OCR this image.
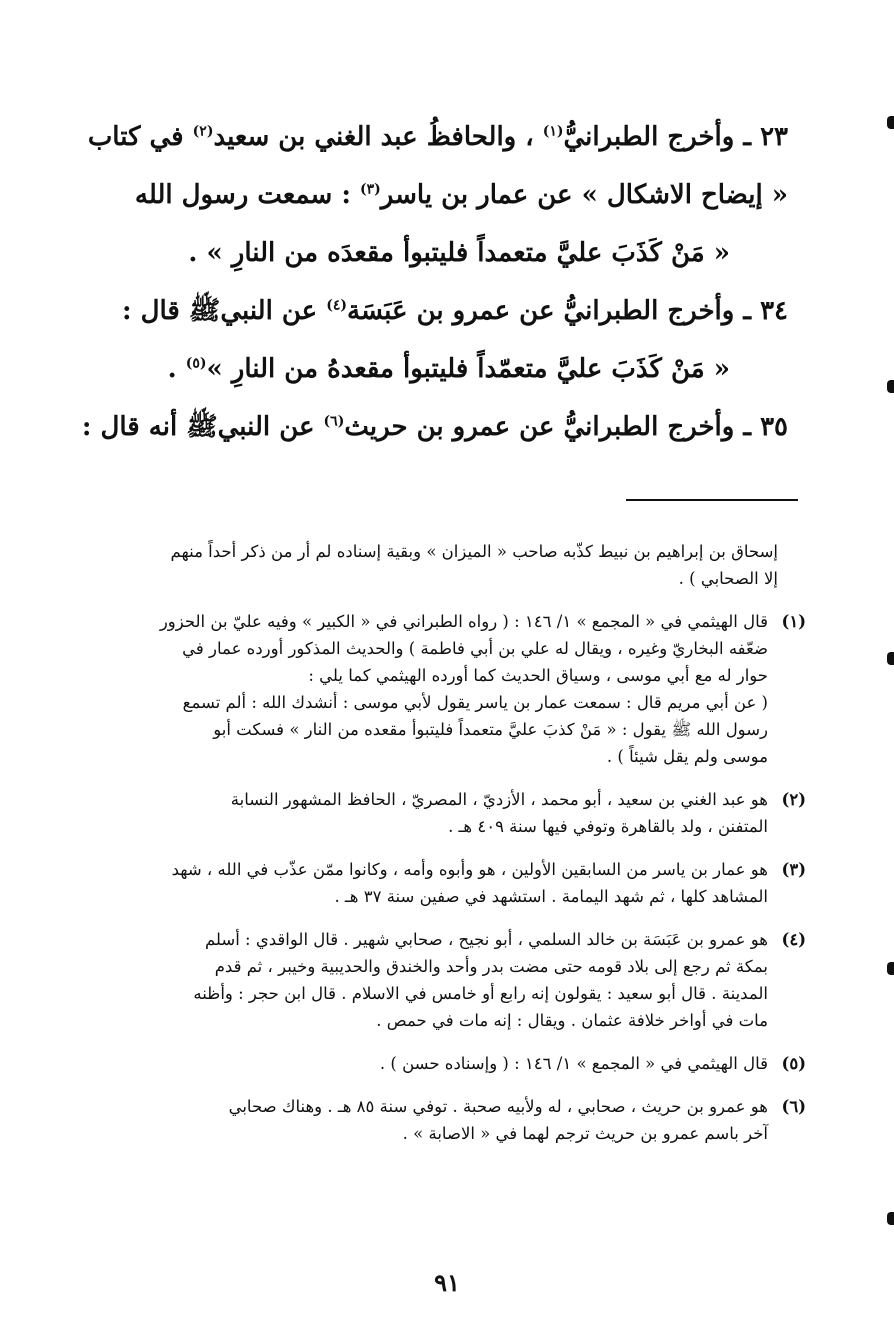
٢٣ ـ وأخرج الطبرانيُّ$^{(١)}$ ، والحافظُ عبد الغني بن سعيد$^{(٢)}$ في كتاب

« إيضاح الاشكال » عن عمار بن ياسر$^{(٣)}$ : سمعت رسول الله

« مَنْ كَذَبَ عليَّ متعمداً فليتبوأ مقعدَه من النارِ » .

٣٤ ـ وأخرج الطبرانيُّ عن عمرو بن عَبَسَة$^{(٤)}$ عن النبيﷺ قال :

« مَنْ كَذَبَ عليَّ متعمّداً فليتبوأ مقعدهُ من النارِ »$^{(٥)}$ .

٣٥ ـ وأخرج الطبرانيُّ عن عمرو بن حريث$^{(٦)}$ عن النبيﷺ أنه قال :

إسحاق بن إبراهيم بن نبيط كذّبه صاحب « الميزان » وبقية إسناده لم أر من ذكر أحداً منهم
إلا الصحابي ) .
(١)

قال الهيثمي في « المجمع » ١/ ١٤٦ : ( رواه الطبراني في « الكبير » وفيه عليّ بن الحزور

ضعّفه البخاريّ وغيره ، ويقال له علي بن أبي فاطمة ) والحديث المذكور أورده عمار في

حوار له مع أبي موسى ، وسياق الحديث كما أورده الهيثمي كما يلي :

( عن أبي مريم قال : سمعت عمار بن ياسر يقول لأبي موسى : أنشدك الله : ألم تسمع

رسول الله ﷺ يقول : « مَنْ كذبَ عليَّ متعمداً فليتبوأ مقعده من النار » فسكت أبو

موسى ولم يقل شيئاً ) .

(٢)

هو عبد الغني بن سعيد ، أبو محمد ، الأزديّ ، المصريّ ، الحافظ المشهور النسابة

المتفنن ، ولد بالقاهرة وتوفي فيها سنة ٤٠٩ هـ .

(٣)

هو عمار بن ياسر من السابقين الأولين ، هو وأبوه وأمه ، وكانوا ممّن عذّب في الله ، شهد

المشاهد كلها ، ثم شهد اليمامة . استشهد في صفين سنة ٣٧ هـ .

(٤)

هو عمرو بن عَبَسَة بن خالد السلمي ، أبو نجيح ، صحابي شهير . قال الواقدي : أسلم

بمكة ثم رجع إلى بلاد قومه حتى مضت بدر وأحد والخندق والحديبية وخيبر ، ثم قدم

المدينة . قال أبو سعيد : يقولون إنه رابع أو خامس في الاسلام . قال ابن حجر : وأظنه

مات في أواخر خلافة عثمان . ويقال : إنه مات في حمص .

(٥)

قال الهيثمي في « المجمع » ١/ ١٤٦ : ( وإسناده حسن ) .

(٦)

هو عمرو بن حريث ، صحابي ، له ولأبيه صحبة . توفي سنة ٨٥ هـ . وهناك صحابي

آخر باسم عمرو بن حريث ترجم لهما في « الاصابة » .

٩١
